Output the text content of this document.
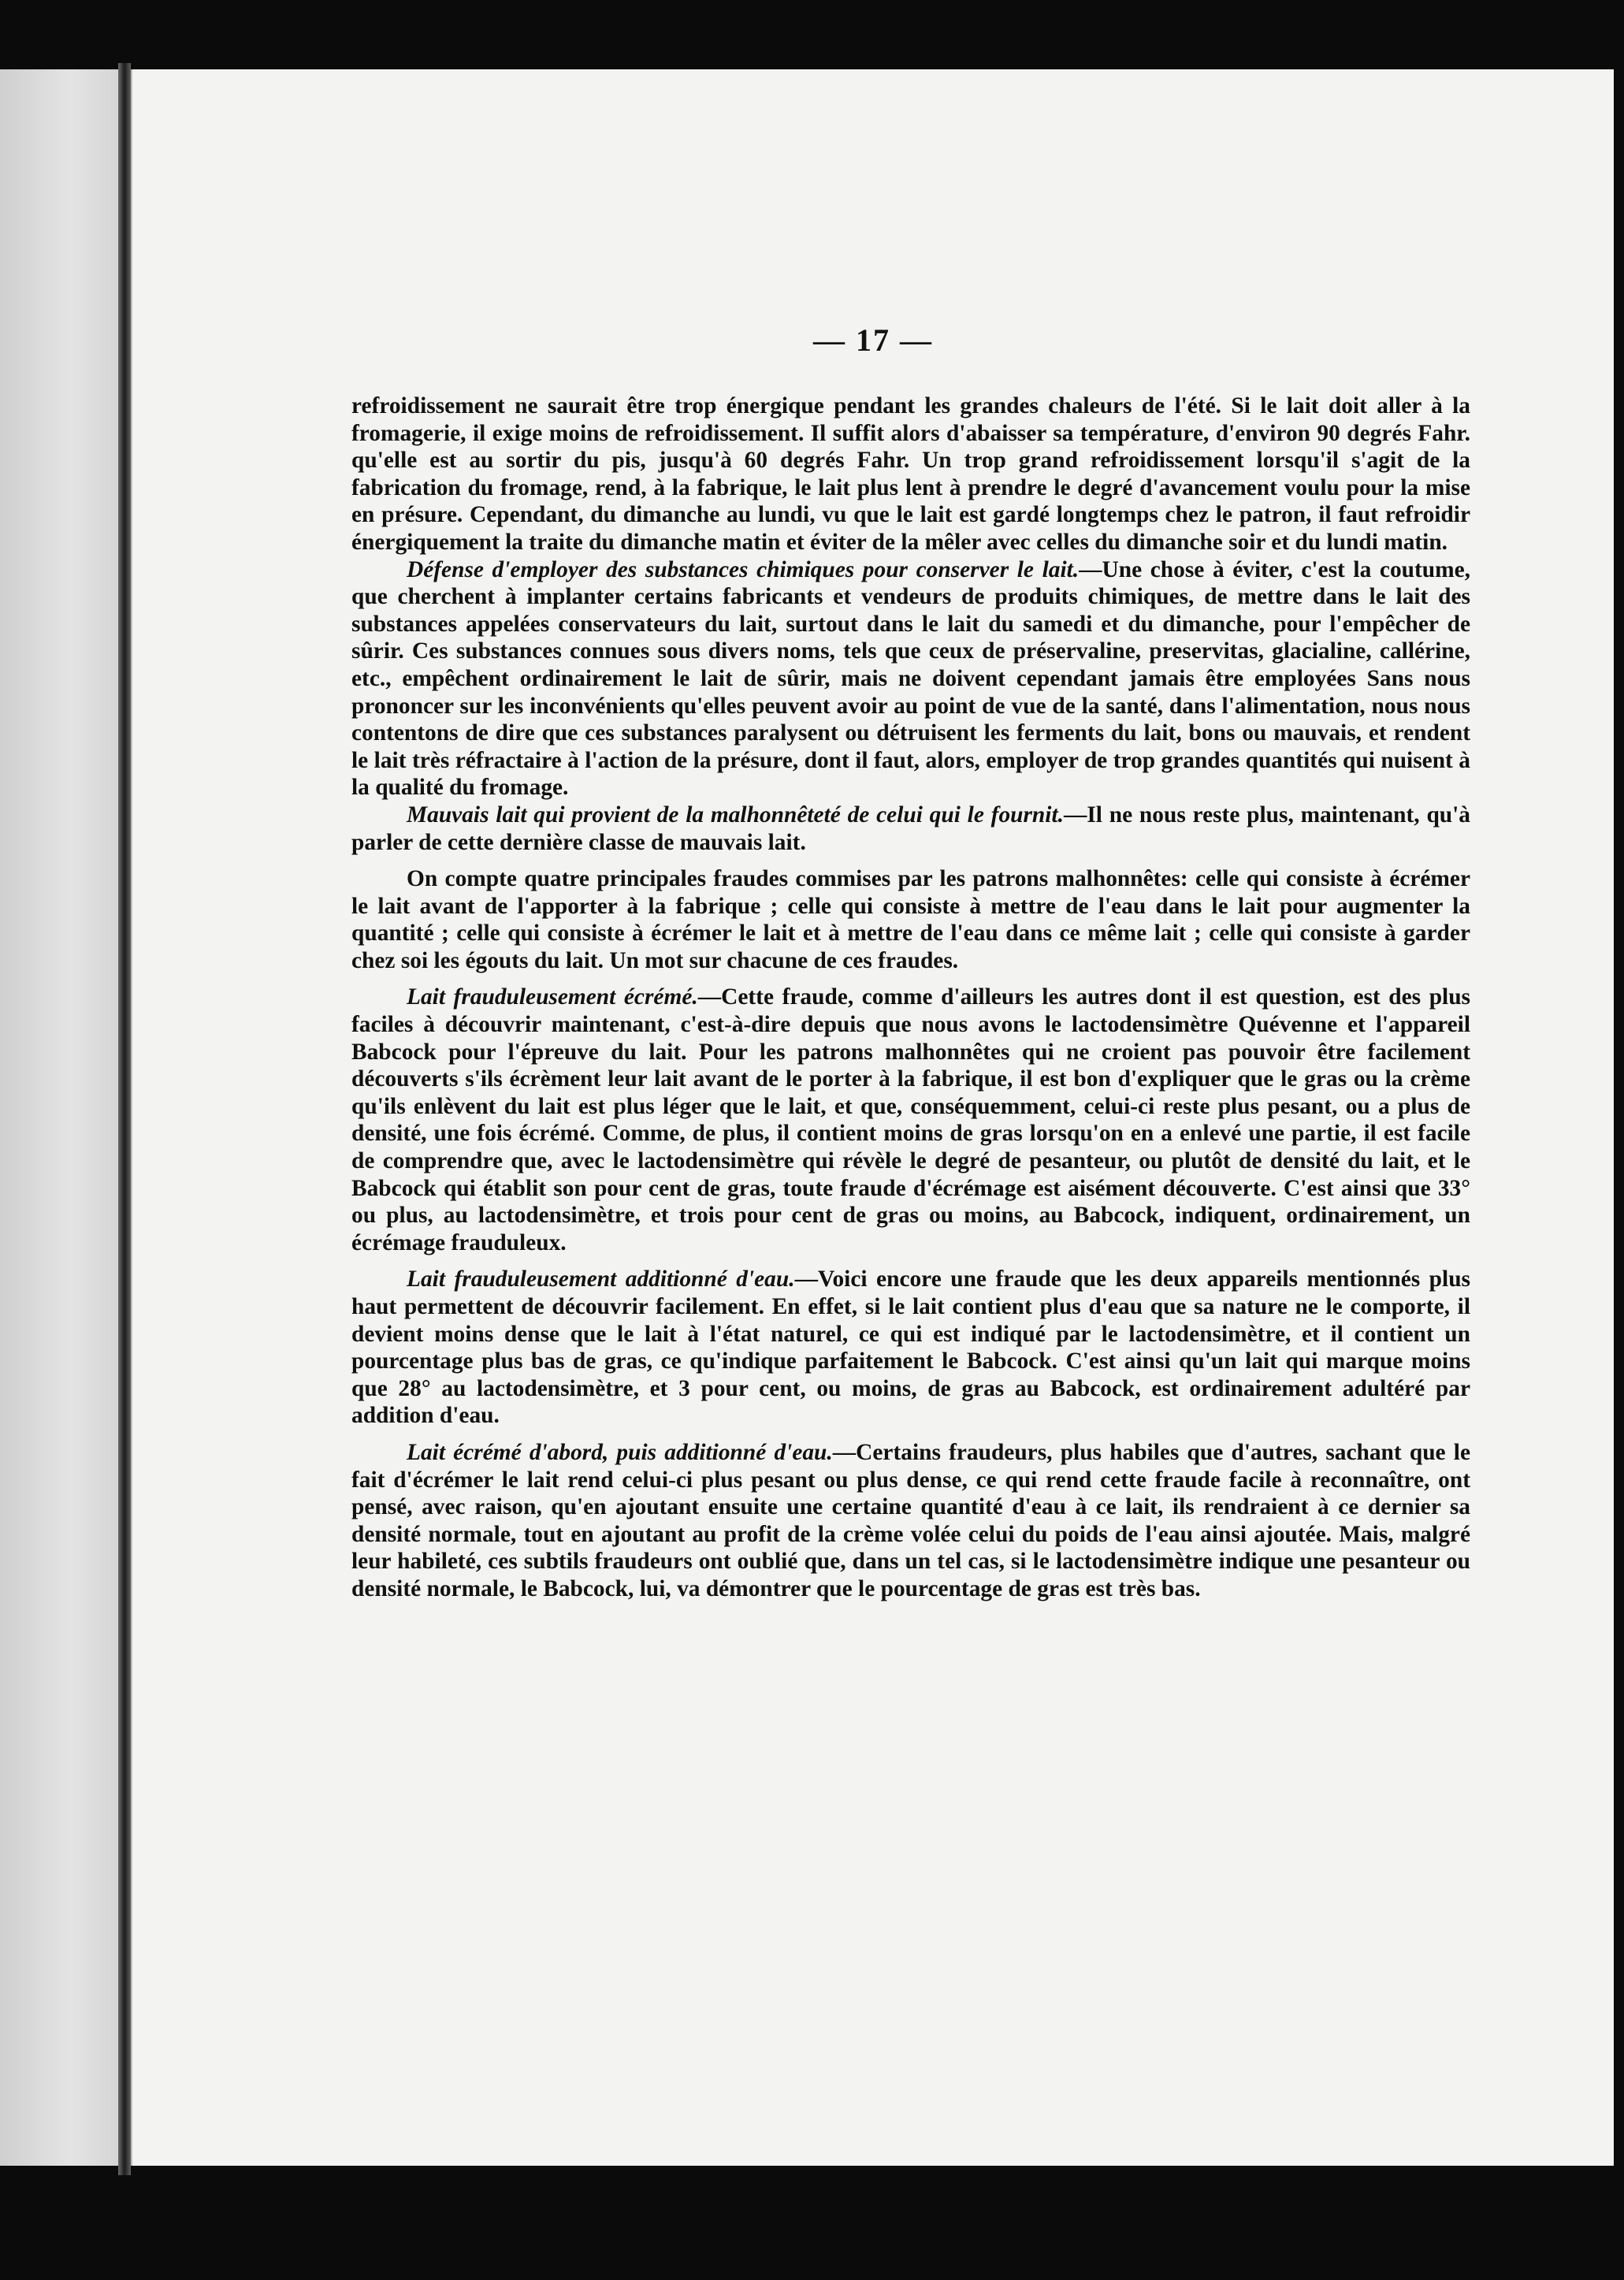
— 17 —

refroidissement ne saurait être trop énergique pendant les grandes chaleurs de l'été. Si le lait doit aller à la fromagerie, il exige moins de refroidissement. Il suffit alors d'abaisser sa température, d'environ 90 degrés Fahr. qu'elle est au sortir du pis, jusqu'à 60 degrés Fahr. Un trop grand refroidissement lorsqu'il s'agit de la fabrication du fromage, rend, à la fabrique, le lait plus lent à prendre le degré d'avancement voulu pour la mise en présure. Cependant, du dimanche au lundi, vu que le lait est gardé longtemps chez le patron, il faut refroidir énergiquement la traite du dimanche matin et éviter de la mêler avec celles du dimanche soir et du lundi matin.

Défense d'employer des substances chimiques pour conserver le lait.—Une chose à éviter, c'est la coutume, que cherchent à implanter certains fabricants et vendeurs de produits chimiques, de mettre dans le lait des substances appelées conservateurs du lait, surtout dans le lait du samedi et du dimanche, pour l'empêcher de sûrir. Ces substances connues sous divers noms, tels que ceux de préservaline, preservitas, glacialine, callérine, etc., empêchent ordinairement le lait de sûrir, mais ne doivent cependant jamais être employées Sans nous prononcer sur les inconvénients qu'elles peuvent avoir au point de vue de la santé, dans l'alimentation, nous nous contentons de dire que ces substances paralysent ou détruisent les ferments du lait, bons ou mauvais, et rendent le lait très réfractaire à l'action de la présure, dont il faut, alors, employer de trop grandes quantités qui nuisent à la qualité du fromage.

Mauvais lait qui provient de la malhonnêteté de celui qui le fournit.—Il ne nous reste plus, maintenant, qu'à parler de cette dernière classe de mauvais lait.

On compte quatre principales fraudes commises par les patrons malhonnêtes: celle qui consiste à écrémer le lait avant de l'apporter à la fabrique ; celle qui consiste à mettre de l'eau dans le lait pour augmenter la quantité ; celle qui consiste à écrémer le lait et à mettre de l'eau dans ce même lait ; celle qui consiste à garder chez soi les égouts du lait. Un mot sur chacune de ces fraudes.

Lait frauduleusement écrémé.—Cette fraude, comme d'ailleurs les autres dont il est question, est des plus faciles à découvrir maintenant, c'est-à-dire depuis que nous avons le lactodensimètre Quévenne et l'appareil Babcock pour l'épreuve du lait. Pour les patrons malhonnêtes qui ne croient pas pouvoir être facilement découverts s'ils écrèment leur lait avant de le porter à la fabrique, il est bon d'expliquer que le gras ou la crème qu'ils enlèvent du lait est plus léger que le lait, et que, conséquemment, celui-ci reste plus pesant, ou a plus de densité, une fois écrémé. Comme, de plus, il contient moins de gras lorsqu'on en a enlevé une partie, il est facile de comprendre que, avec le lactodensimètre qui révèle le degré de pesanteur, ou plutôt de densité du lait, et le Babcock qui établit son pour cent de gras, toute fraude d'écrémage est aisément découverte. C'est ainsi que 33° ou plus, au lactodensimètre, et trois pour cent de gras ou moins, au Babcock, indiquent, ordinairement, un écrémage frauduleux.

Lait frauduleusement additionné d'eau.—Voici encore une fraude que les deux appareils mentionnés plus haut permettent de découvrir facilement. En effet, si le lait contient plus d'eau que sa nature ne le comporte, il devient moins dense que le lait à l'état naturel, ce qui est indiqué par le lactodensimètre, et il contient un pourcentage plus bas de gras, ce qu'indique parfaitement le Babcock. C'est ainsi qu'un lait qui marque moins que 28° au lactodensimètre, et 3 pour cent, ou moins, de gras au Babcock, est ordinairement adultéré par addition d'eau.

Lait écrémé d'abord, puis additionné d'eau.—Certains fraudeurs, plus habiles que d'autres, sachant que le fait d'écrémer le lait rend celui-ci plus pesant ou plus dense, ce qui rend cette fraude facile à reconnaître, ont pensé, avec raison, qu'en ajoutant ensuite une certaine quantité d'eau à ce lait, ils rendraient à ce dernier sa densité normale, tout en ajoutant au profit de la crème volée celui du poids de l'eau ainsi ajoutée. Mais, malgré leur habileté, ces subtils fraudeurs ont oublié que, dans un tel cas, si le lactodensimètre indique une pesanteur ou densité normale, le Babcock, lui, va démontrer que le pourcentage de gras est très bas.
